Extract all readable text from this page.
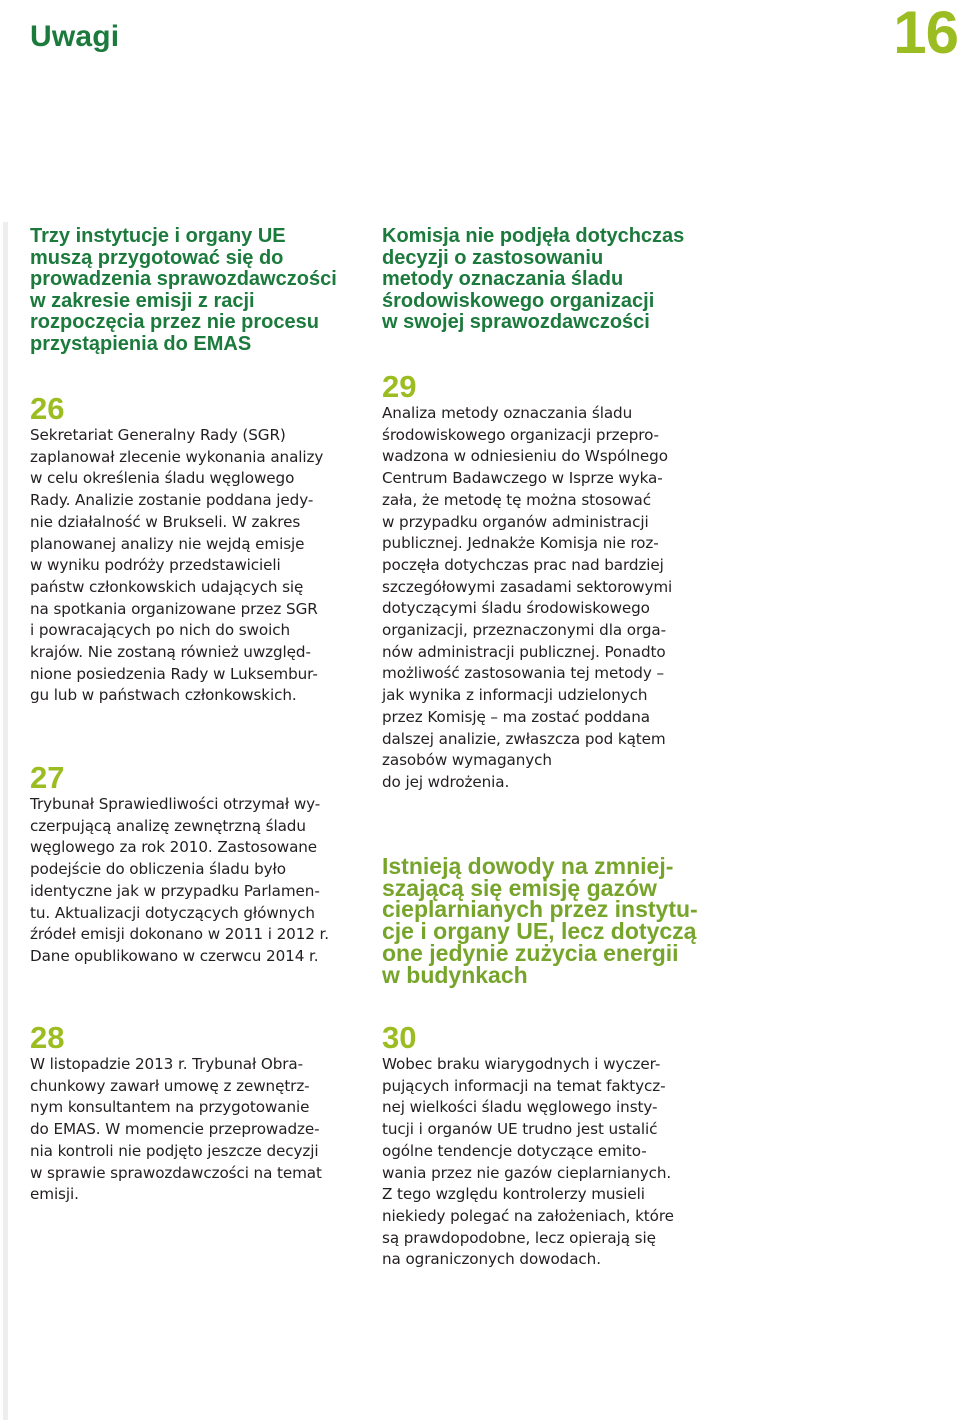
Uwagi	16
Trzy instytucje i organy UE
muszą przygotować się do
prowadzenia sprawozdawczości
w zakresie emisji z racji
rozpoczęcia przez nie procesu
przystąpienia do EMAS
26
Sekretariat Generalny Rady (SGR)
zaplanował zlecenie wykonania analizy
w celu określenia śladu węglowego
Rady. Analizie zostanie poddana jedy-
nie działalność w Brukseli. W zakres
planowanej analizy nie wejdą emisje
w wyniku podróży przedstawicieli
państw członkowskich udających się
na spotkania organizowane przez SGR
i powracających po nich do swoich
krajów. Nie zostaną również uwzględ-
nione posiedzenia Rady w Luksembur-
gu lub w państwach członkowskich.
27
Trybunał Sprawiedliwości otrzymał wy-
czerpującą analizę zewnętrzną śladu
węglowego za rok 2010. Zastosowane
podejście do obliczenia śladu było
identyczne jak w przypadku Parlamen-
tu. Aktualizacji dotyczących głównych
źródeł emisji dokonano w 2011 i 2012 r.
Dane opublikowano w czerwcu 2014 r.
28
W listopadzie 2013 r. Trybunał Obra-
chunkowy zawarł umowę z zewnętrz-
nym konsultantem na przygotowanie
do EMAS. W momencie przeprowadze-
nia kontroli nie podjęto jeszcze decyzji
w sprawie sprawozdawczości na temat
emisji.
Komisja nie podjęła dotychczas
decyzji o zastosowaniu
metody oznaczania śladu
środowiskowego organizacji
w swojej sprawozdawczości
29
Analiza metody oznaczania śladu
środowiskowego organizacji przepro-
wadzona w odniesieniu do Wspólnego
Centrum Badawczego w Isprze wyka-
zała, że metodę tę można stosować
w przypadku organów administracji
publicznej. Jednakże Komisja nie roz-
poczęła dotychczas prac nad bardziej
szczegółowymi zasadami sektorowymi
dotyczącymi śladu środowiskowego
organizacji, przeznaczonymi dla orga-
nów administracji publicznej. Ponadto
możliwość zastosowania tej metody –
jak wynika z informacji udzielonych
przez Komisję – ma zostać poddana
dalszej analizie, zwłaszcza pod kątem
zasobów wymaganych
do jej wdrożenia.
Istnieją dowody na zmniej-
szającą się emisję gazów
cieplarnianych przez instytu-
cje i organy UE, lecz dotyczą
one jedynie zużycia energii
w budynkach
30
Wobec braku wiarygodnych i wyczer-
pujących informacji na temat faktycz-
nej wielkości śladu węglowego insty-
tucji i organów UE trudno jest ustalić
ogólne tendencje dotyczące emito-
wania przez nie gazów cieplarnianych.
Z tego względu kontrolerzy musieli
niekiedy polegać na założeniach, które
są prawdopodobne, lecz opierają się
na ograniczonych dowodach.
